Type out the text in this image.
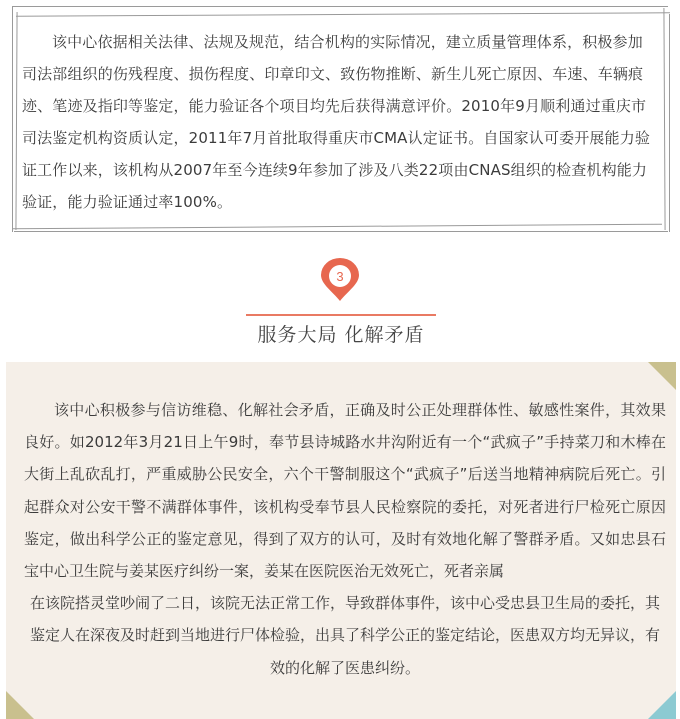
该中心依据相关法律、法规及规范，结合机构的实际情况，建立质量管理体系，积极参加司法部组织的伤残程度、损伤程度、印章印文、致伤物推断、新生儿死亡原因、车速、车辆痕迹、笔迹及指印等鉴定，能力验证各个项目均先后获得满意评价。2010年9月顺利通过重庆市司法鉴定机构资质认定，2011年7月首批取得重庆市CMA认定证书。自国家认可委开展能力验证工作以来，该机构从2007年至今连续9年参加了涉及八类22项由CNAS组织的检查机构能力验证，能力验证通过率100%。
3
服务大局 化解矛盾

该中心积极参与信访维稳、化解社会矛盾，正确及时公正处理群体性、敏感性案件，其效果良好。如2012年3月21日上午9时，奉节县诗城路水井沟附近有一个“武疯子”手持菜刀和木棒在大街上乱砍乱打，严重威胁公民安全，六个干警制服这个“武疯子”后送当地精神病院后死亡。引起群众对公安干警不满群体事件，该机构受奉节县人民检察院的委托，对死者进行尸检死亡原因鉴定，做出科学公正的鉴定意见，得到了双方的认可，及时有效地化解了警群矛盾。又如忠县石宝中心卫生院与姜某医疗纠纷一案，姜某在医院医治无效死亡，死者亲属

在该院搭灵堂吵闹了二日，该院无法正常工作，导致群体事件，该中心受忠县卫生局的委托，其鉴定人在深夜及时赶到当地进行尸体检验，出具了科学公正的鉴定结论，医患双方均无异议，有效的化解了医患纠纷。
